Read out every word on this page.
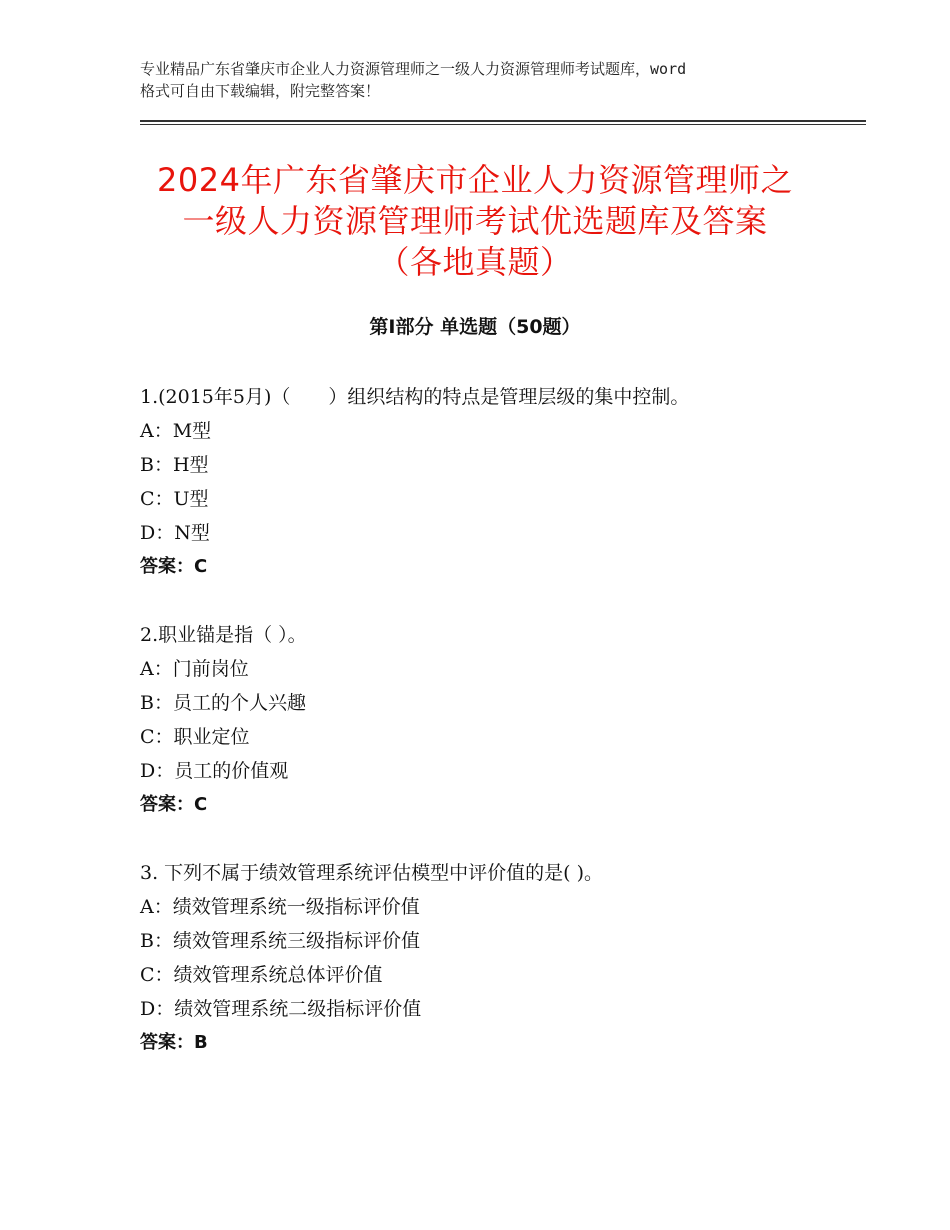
专业精品广东省肇庆市企业人力资源管理师之一级人力资源管理师考试题库，word
格式可自由下载编辑，附完整答案！
2024年广东省肇庆市企业人力资源管理师之
一级人力资源管理师考试优选题库及答案
（各地真题）
第Ⅰ部分 单选题（50题）
1.(2015年5月)（　　）组织结构的特点是管理层级的集中控制。
A：M型
B：H型
C：U型
D：N型
答案：C
2.职业锚是指（ ）。
A：门前岗位
B：员工的个人兴趣
C：职业定位
D：员工的价值观
答案：C
3. 下列不属于绩效管理系统评估模型中评价值的是( )。
A：绩效管理系统一级指标评价值
B：绩效管理系统三级指标评价值
C：绩效管理系统总体评价值
D：绩效管理系统二级指标评价值
答案：B
